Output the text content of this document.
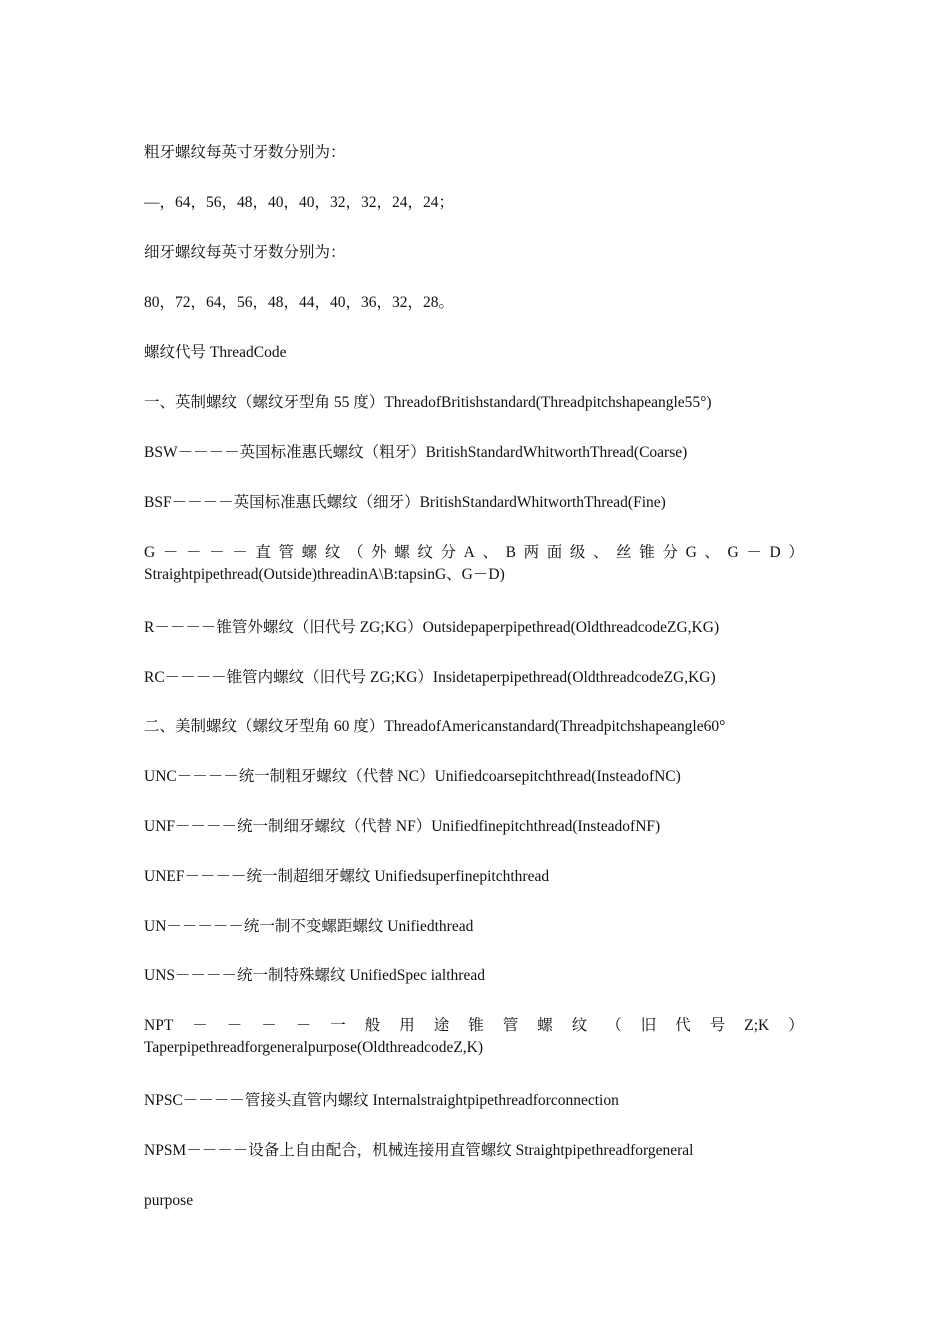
粗牙螺纹每英寸牙数分别为：
—，64，56，48，40，40，32，32，24，24；
细牙螺纹每英寸牙数分别为：
80，72，64，56，48，44，40，36，32，28。
螺纹代号 ThreadCode
一、英制螺纹（螺纹牙型角 55 度）ThreadofBritishstandard(Threadpitchshapeangle55°)
BSW－－－－英国标准惠氏螺纹（粗牙）BritishStandardWhitworthThread(Coarse)
BSF－－－－英国标准惠氏螺纹（细牙）BritishStandardWhitworthThread(Fine)
G － － － － 直 管 螺 纹 （ 外 螺 纹 分 A 、 B 两 面 级 、 丝 锥 分 G 、 G － D ）
Straightpipethread(Outside)threadinA\B:tapsinG、G－D)
R－－－－锥管外螺纹（旧代号 ZG;KG）Outsidepaperpipethread(OldthreadcodeZG,KG)
RC－－－－锥管内螺纹（旧代号 ZG;KG）Insidetaperpipethread(OldthreadcodeZG,KG)
二、美制螺纹（螺纹牙型角 60 度）ThreadofAmericanstandard(Threadpitchshapeangle60°
UNC－－－－统一制粗牙螺纹（代替 NC）Unifiedcoarsepitchthread(InsteadofNC)
UNF－－－－统一制细牙螺纹（代替 NF）Unifiedfinepitchthread(InsteadofNF)
UNEF－－－－统一制超细牙螺纹 Unifiedsuperfinepitchthread
UN－－－－－统一制不变螺距螺纹 Unifiedthread
UNS－－－－统一制特殊螺纹 UnifiedSpec ialthread
NPT － － － － 一 般 用 途 锥 管 螺 纹 （ 旧 代 号 Z;K ）
Taperpipethreadforgeneralpurpose(OldthreadcodeZ,K)
NPSC－－－－管接头直管内螺纹 Internalstraightpipethreadforconnection
NPSM－－－－设备上自由配合，机械连接用直管螺纹 Straightpipethreadforgeneral
purpose
